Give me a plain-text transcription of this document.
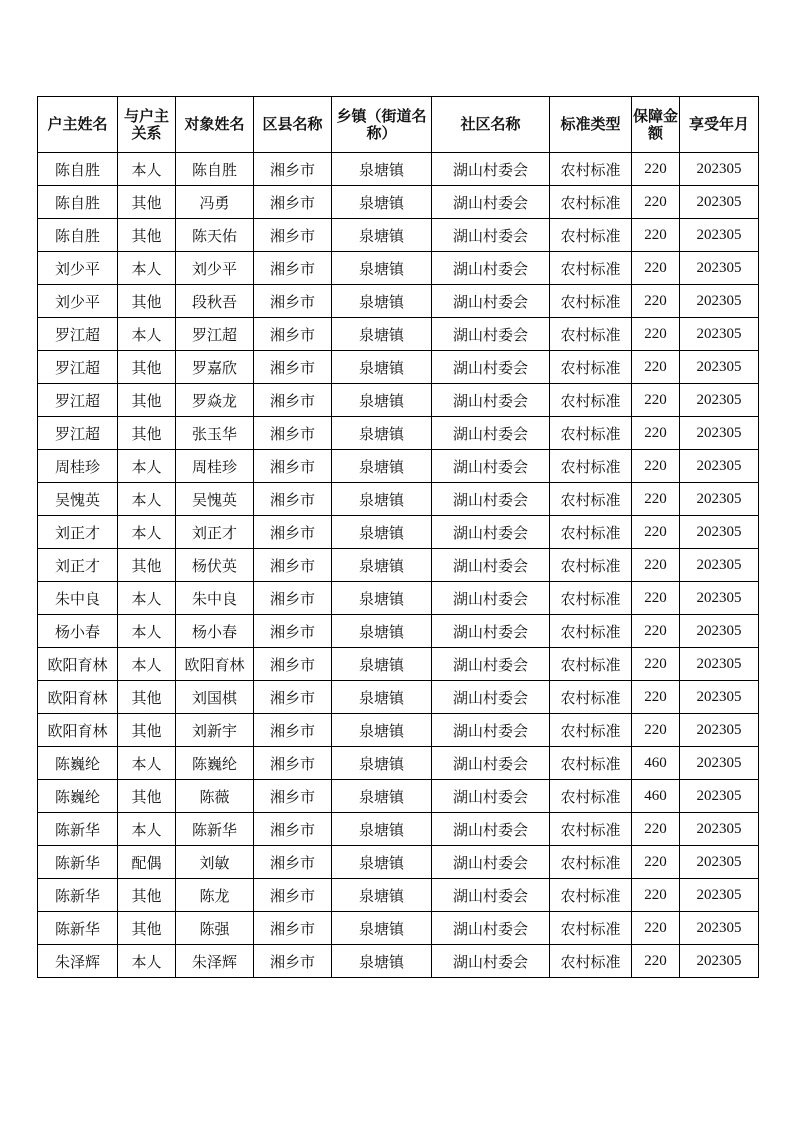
户主姓名	与户主关系	对象姓名	区县名称	乡镇（街道名称）	社区名称	标准类型	保障金额	享受年月
陈自胜	本人	陈自胜	湘乡市	泉塘镇	湖山村委会	农村标准	220	202305
陈自胜	其他	冯勇	湘乡市	泉塘镇	湖山村委会	农村标准	220	202305
陈自胜	其他	陈天佑	湘乡市	泉塘镇	湖山村委会	农村标准	220	202305
刘少平	本人	刘少平	湘乡市	泉塘镇	湖山村委会	农村标准	220	202305
刘少平	其他	段秋吾	湘乡市	泉塘镇	湖山村委会	农村标准	220	202305
罗江超	本人	罗江超	湘乡市	泉塘镇	湖山村委会	农村标准	220	202305
罗江超	其他	罗嘉欣	湘乡市	泉塘镇	湖山村委会	农村标准	220	202305
罗江超	其他	罗焱龙	湘乡市	泉塘镇	湖山村委会	农村标准	220	202305
罗江超	其他	张玉华	湘乡市	泉塘镇	湖山村委会	农村标准	220	202305
周桂珍	本人	周桂珍	湘乡市	泉塘镇	湖山村委会	农村标准	220	202305
吴愧英	本人	吴愧英	湘乡市	泉塘镇	湖山村委会	农村标准	220	202305
刘正才	本人	刘正才	湘乡市	泉塘镇	湖山村委会	农村标准	220	202305
刘正才	其他	杨伏英	湘乡市	泉塘镇	湖山村委会	农村标准	220	202305
朱中良	本人	朱中良	湘乡市	泉塘镇	湖山村委会	农村标准	220	202305
杨小春	本人	杨小春	湘乡市	泉塘镇	湖山村委会	农村标准	220	202305
欧阳育林	本人	欧阳育林	湘乡市	泉塘镇	湖山村委会	农村标准	220	202305
欧阳育林	其他	刘国棋	湘乡市	泉塘镇	湖山村委会	农村标准	220	202305
欧阳育林	其他	刘新宇	湘乡市	泉塘镇	湖山村委会	农村标准	220	202305
陈巍纶	本人	陈巍纶	湘乡市	泉塘镇	湖山村委会	农村标准	460	202305
陈巍纶	其他	陈薇	湘乡市	泉塘镇	湖山村委会	农村标准	460	202305
陈新华	本人	陈新华	湘乡市	泉塘镇	湖山村委会	农村标准	220	202305
陈新华	配偶	刘敏	湘乡市	泉塘镇	湖山村委会	农村标准	220	202305
陈新华	其他	陈龙	湘乡市	泉塘镇	湖山村委会	农村标准	220	202305
陈新华	其他	陈强	湘乡市	泉塘镇	湖山村委会	农村标准	220	202305
朱泽辉	本人	朱泽辉	湘乡市	泉塘镇	湖山村委会	农村标准	220	202305
